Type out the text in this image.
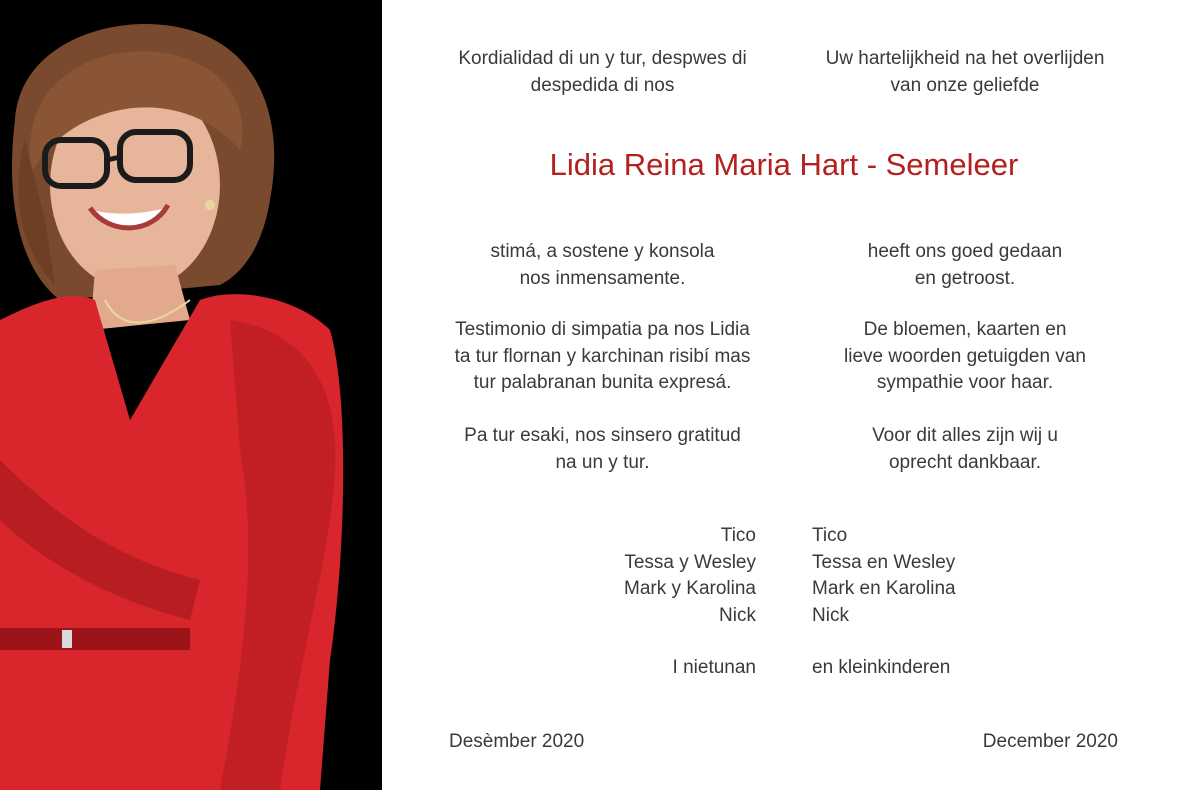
Kordialidad di un y tur, despwes di
despedida di nos
Uw hartelijkheid na het overlijden
van onze geliefde
Lidia Reina Maria Hart - Semeleer
stimá, a sostene y konsola
nos inmensamente.
heeft ons goed gedaan
en getroost.
Testimonio di simpatia pa nos Lidia
ta tur flornan y karchinan risibí mas
tur palabranan bunita expresá.
De bloemen, kaarten en
lieve woorden getuigden van
sympathie voor haar.
Pa tur esaki, nos sinsero gratitud
na un y tur.
Voor dit alles zijn wij u
oprecht dankbaar.
Tico
Tessa y Wesley
Mark y Karolina
Nick
Tico
Tessa en Wesley
Mark en Karolina
Nick
I nietunan	en kleinkinderen
Desèmber 2020	December 2020
